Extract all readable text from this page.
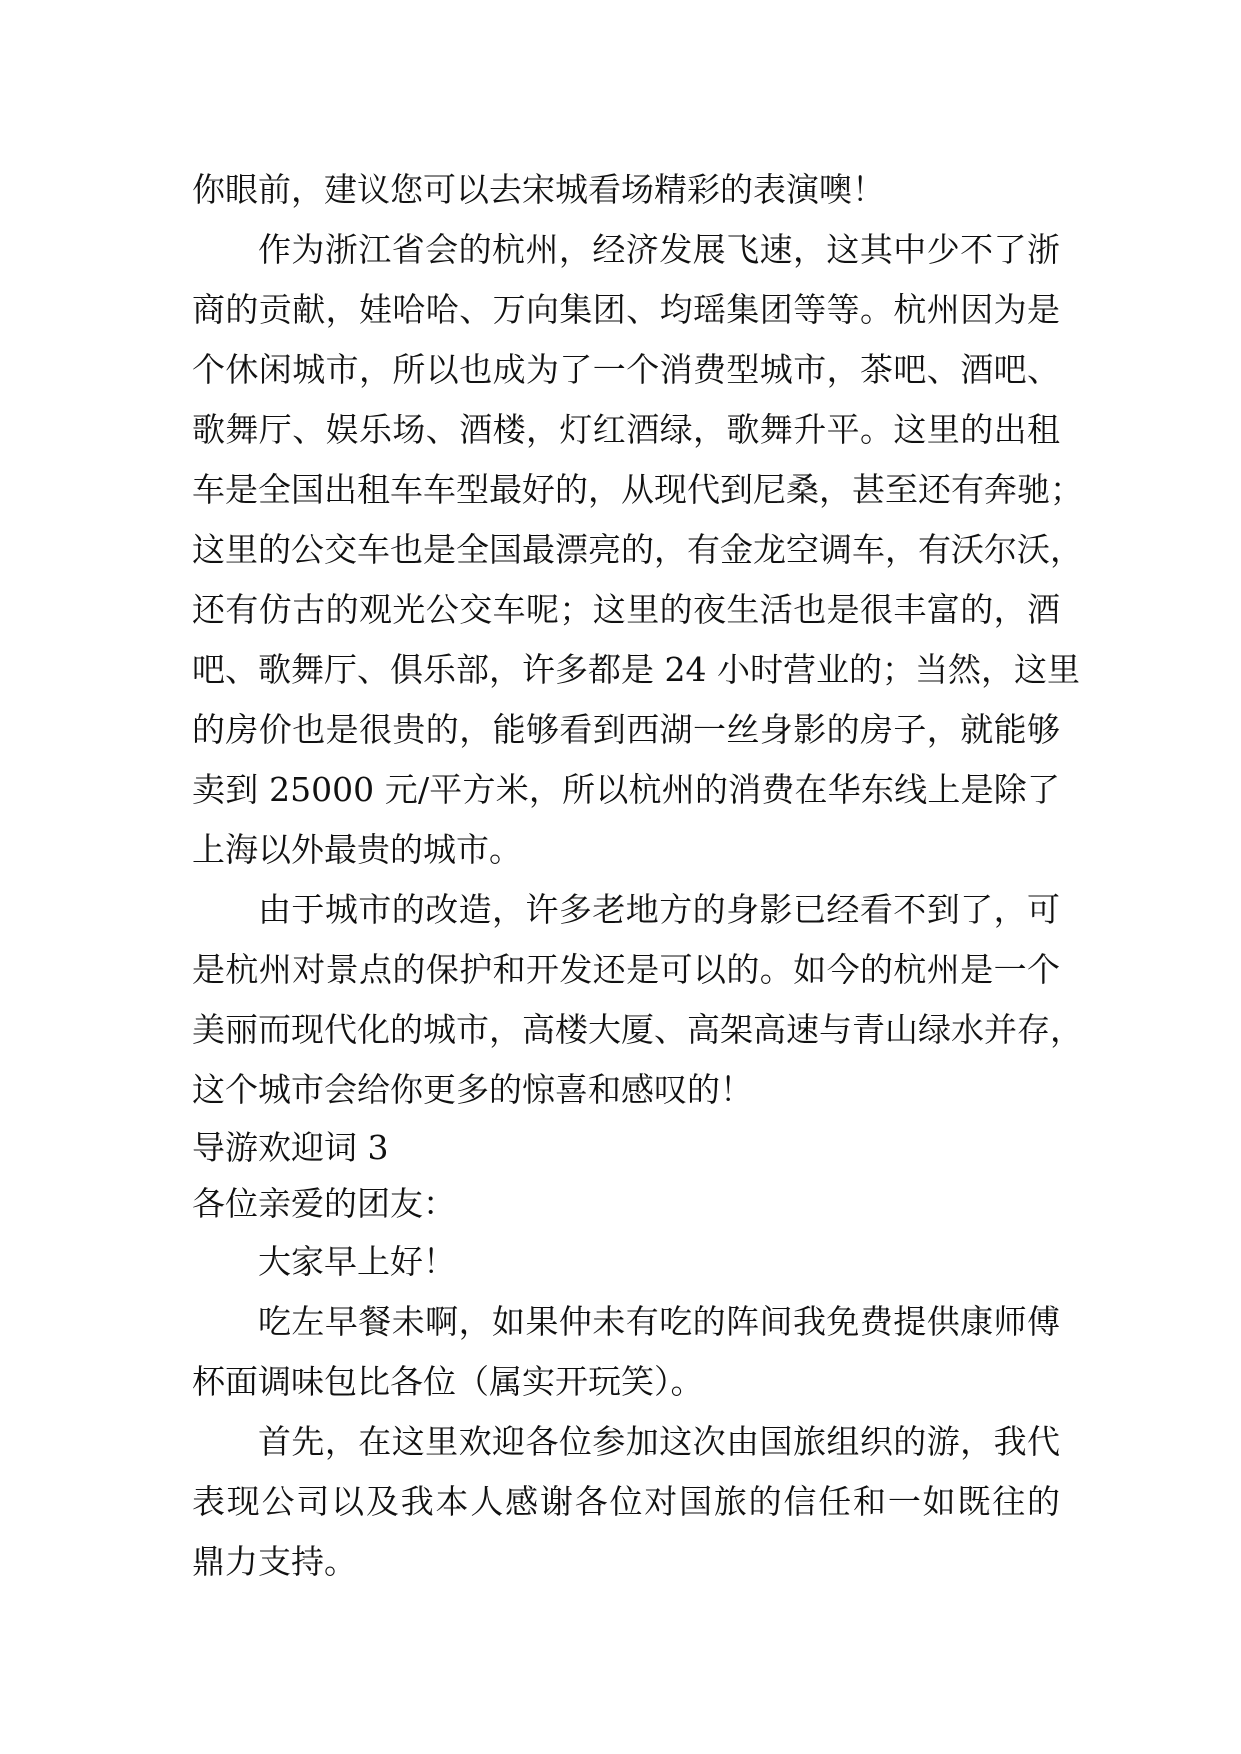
你眼前，建议您可以去宋城看场精彩的表演噢！
作为浙江省会的杭州，经济发展飞速，这其中少不了浙
商的贡献，娃哈哈、万向集团、均瑶集团等等。杭州因为是
个休闲城市，所以也成为了一个消费型城市，茶吧、酒吧、
歌舞厅、娱乐场、酒楼，灯红酒绿，歌舞升平。这里的出租
车是全国出租车车型最好的，从现代到尼桑，甚至还有奔驰；
这里的公交车也是全国最漂亮的，有金龙空调车，有沃尔沃，
还有仿古的观光公交车呢；这里的夜生活也是很丰富的，酒
吧、歌舞厅、俱乐部，许多都是 24 小时营业的；当然，这里
的房价也是很贵的，能够看到西湖一丝身影的房子，就能够
卖到 25000 元/平方米，所以杭州的消费在华东线上是除了
上海以外最贵的城市。
由于城市的改造，许多老地方的身影已经看不到了，可
是杭州对景点的保护和开发还是可以的。如今的杭州是一个
美丽而现代化的城市，高楼大厦、高架高速与青山绿水并存，
这个城市会给你更多的惊喜和感叹的！
导游欢迎词 3
各位亲爱的团友：
大家早上好！
吃左早餐未啊，如果仲未有吃的阵间我免费提供康师傅
杯面调味包比各位（属实开玩笑）。
首先，在这里欢迎各位参加这次由国旅组织的游，我代
表现公司以及我本人感谢各位对国旅的信任和一如既往的
鼎力支持。
